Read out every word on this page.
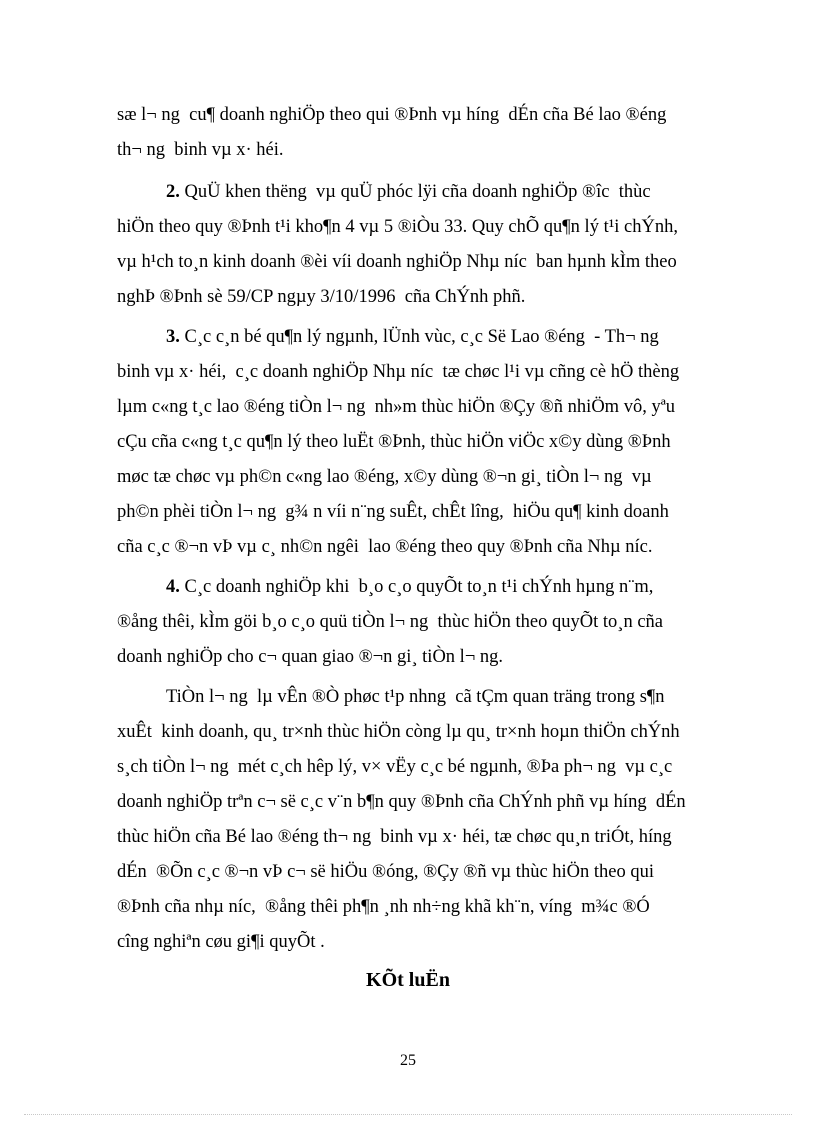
sæ l¬ ng  cu¶ doanh nghiÖp theo qui ®Þnh vµ híng  dÉn cña Bé lao ®éng

th¬ ng  binh vµ x· héi.

2. QuÜ khen thëng  vµ quÜ phóc lÿi cña doanh nghiÖp ®îc  thùc

hiÖn theo quy ®Þnh t¹i kho¶n 4 vµ 5 ®iÒu 33. Quy chÕ qu¶n lý t¹i chÝnh,

vµ h¹ch to¸n kinh doanh ®èi víi doanh nghiÖp Nhµ níc  ban hµnh kÌm theo

nghÞ ®Þnh sè 59/CP ngµy 3/10/1996  cña ChÝnh phñ.

3. C¸c c¸n bé qu¶n lý ngµnh, lÜnh vùc, c¸c Së Lao ®éng  - Th¬ ng

binh vµ x· héi,  c¸c doanh nghiÖp Nhµ níc  tæ chøc l¹i vµ cñng cè hÖ thèng

lµm c«ng t¸c lao ®éng tiÒn l¬ ng  nh»m thùc hiÖn ®Çy ®ñ nhiÖm vô, yªu

cÇu cña c«ng t¸c qu¶n lý theo luËt ®Þnh, thùc hiÖn viÖc x©y dùng ®Þnh

møc tæ chøc vµ ph©n c«ng lao ®éng, x©y dùng ®¬n gi¸ tiÒn l¬ ng  vµ

ph©n phèi tiÒn l¬ ng  g¾ n víi n¨ng suÊt, chÊt lîng,  hiÖu qu¶ kinh doanh

cña c¸c ®¬n vÞ vµ c¸ nh©n ngêi  lao ®éng theo quy ®Þnh cña Nhµ níc.

4. C¸c doanh nghiÖp khi  b¸o c¸o quyÕt to¸n t¹i chÝnh hµng n¨m,

®ång thêi, kÌm göi b¸o c¸o quü tiÒn l¬ ng  thùc hiÖn theo quyÕt to¸n cña

doanh nghiÖp cho c¬ quan giao ®¬n gi¸ tiÒn l¬ ng.

TiÒn l¬ ng  lµ vÊn ®Ò phøc t¹p nhng  cã tÇm quan träng trong s¶n

xuÊt  kinh doanh, qu¸ tr×nh thùc hiÖn còng lµ qu¸ tr×nh hoµn thiÖn chÝnh

s¸ch tiÒn l¬ ng  mét c¸ch hêp lý, v× vËy c¸c bé ngµnh, ®Þa ph¬ ng  vµ c¸c

doanh nghiÖp trªn c¬ së c¸c v¨n b¶n quy ®Þnh cña ChÝnh phñ vµ híng  dÉn

thùc hiÖn cña Bé lao ®éng th¬ ng  binh vµ x· héi, tæ chøc qu¸n triÓt, híng

dÉn  ®Õn c¸c ®¬n vÞ c¬ së hiÖu ®óng, ®Çy ®ñ vµ thùc hiÖn theo qui

®Þnh cña nhµ níc,  ®ång thêi ph¶n ¸nh nh÷ng khã kh¨n, víng  m¾c ®Ó

cîng nghiªn cøu gi¶i quyÕt .

KÕt luËn
25
